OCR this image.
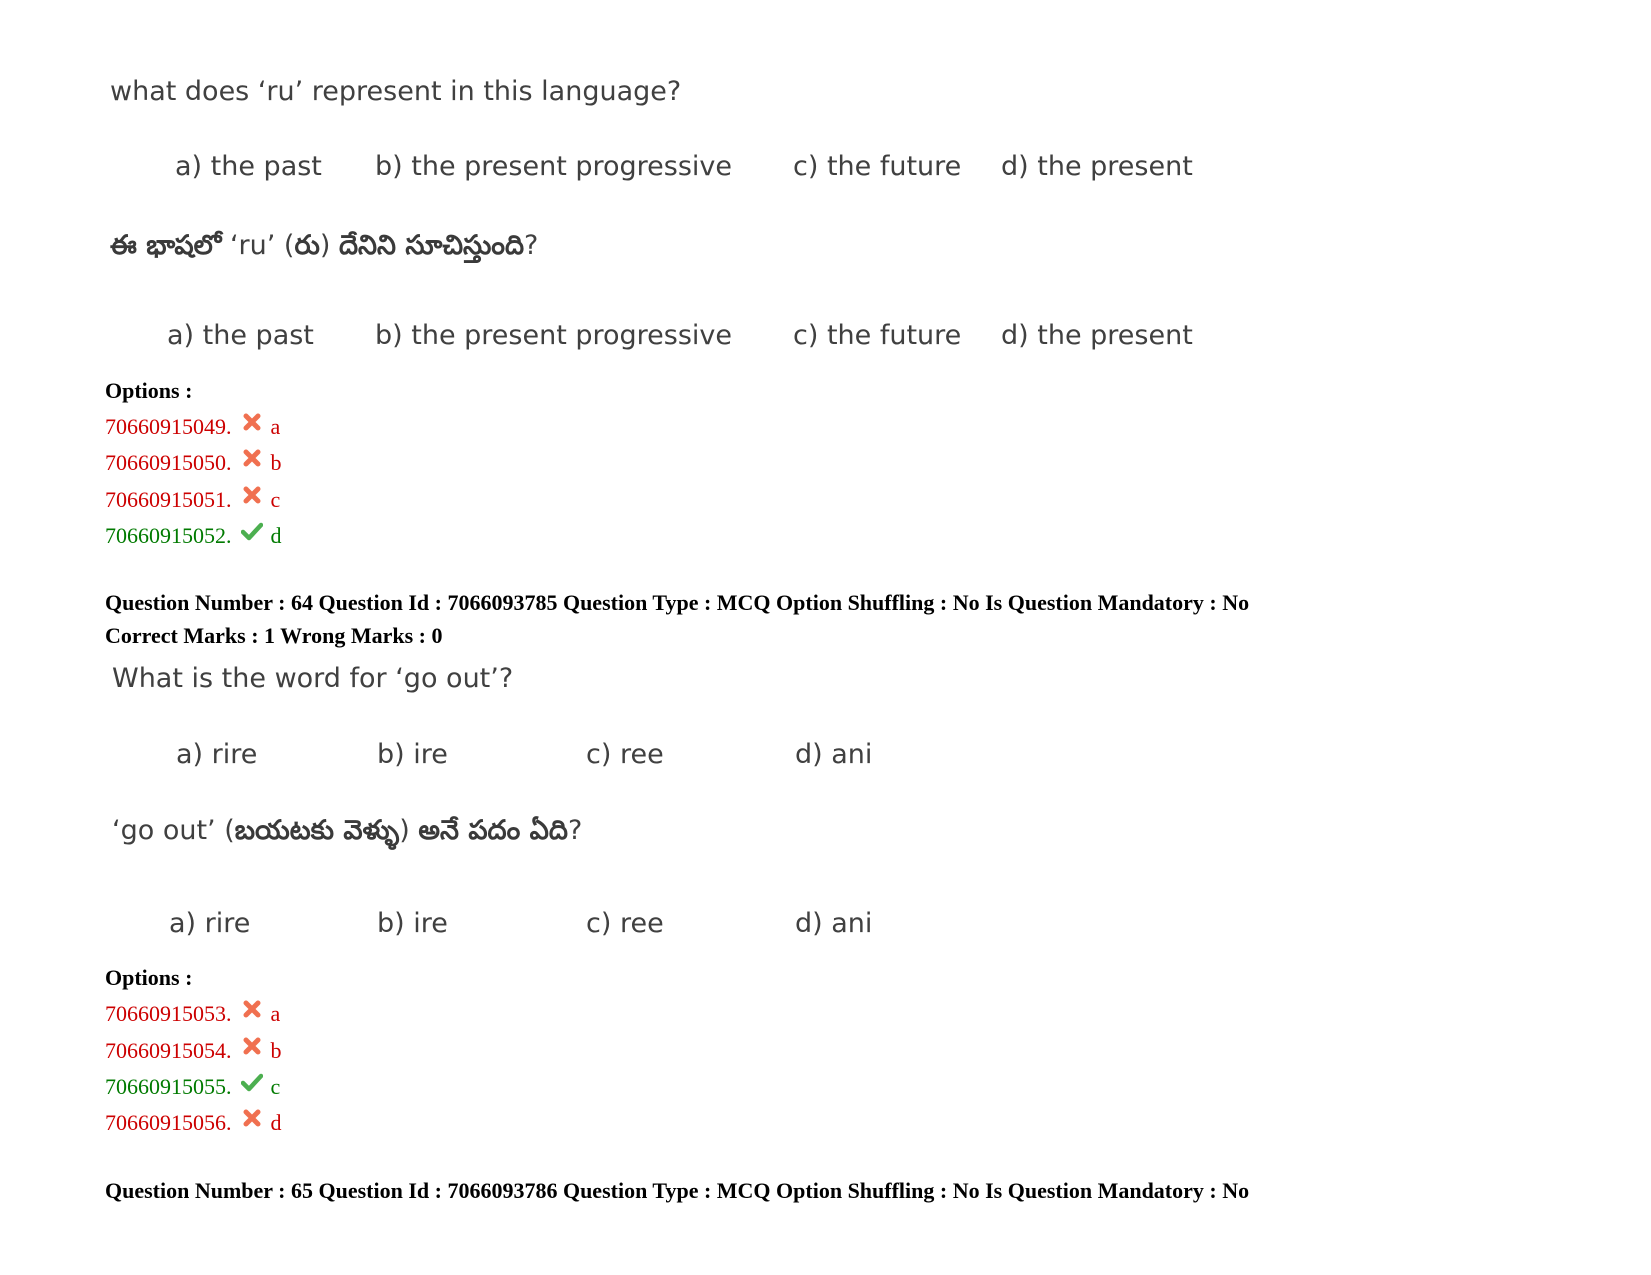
what does ‘ru’ represent in this language?
a) the past b) the present progressive c) the future d) the present
ఈ భాషలో ‘ru’ (రు) దేనిని సూచిస్తుంది?
a) the past b) the present progressive c) the future d) the present
Options :
70660915049. a
70660915050. b
70660915051. c
70660915052. d
Question Number : 64 Question Id : 7066093785 Question Type : MCQ Option Shuffling : No Is Question Mandatory : No
Correct Marks : 1 Wrong Marks : 0
What is the word for ‘go out’?
a) rire	b) ire	c) ree	d) ani
‘go out’ (బయటకు వెళ్ళు) అనే పదం ఏది?
a) rire	b) ire	c) ree	d) ani
Options :
70660915053. a
70660915054. b
70660915055. c
70660915056. d
Question Number : 65 Question Id : 7066093786 Question Type : MCQ Option Shuffling : No Is Question Mandatory : No
